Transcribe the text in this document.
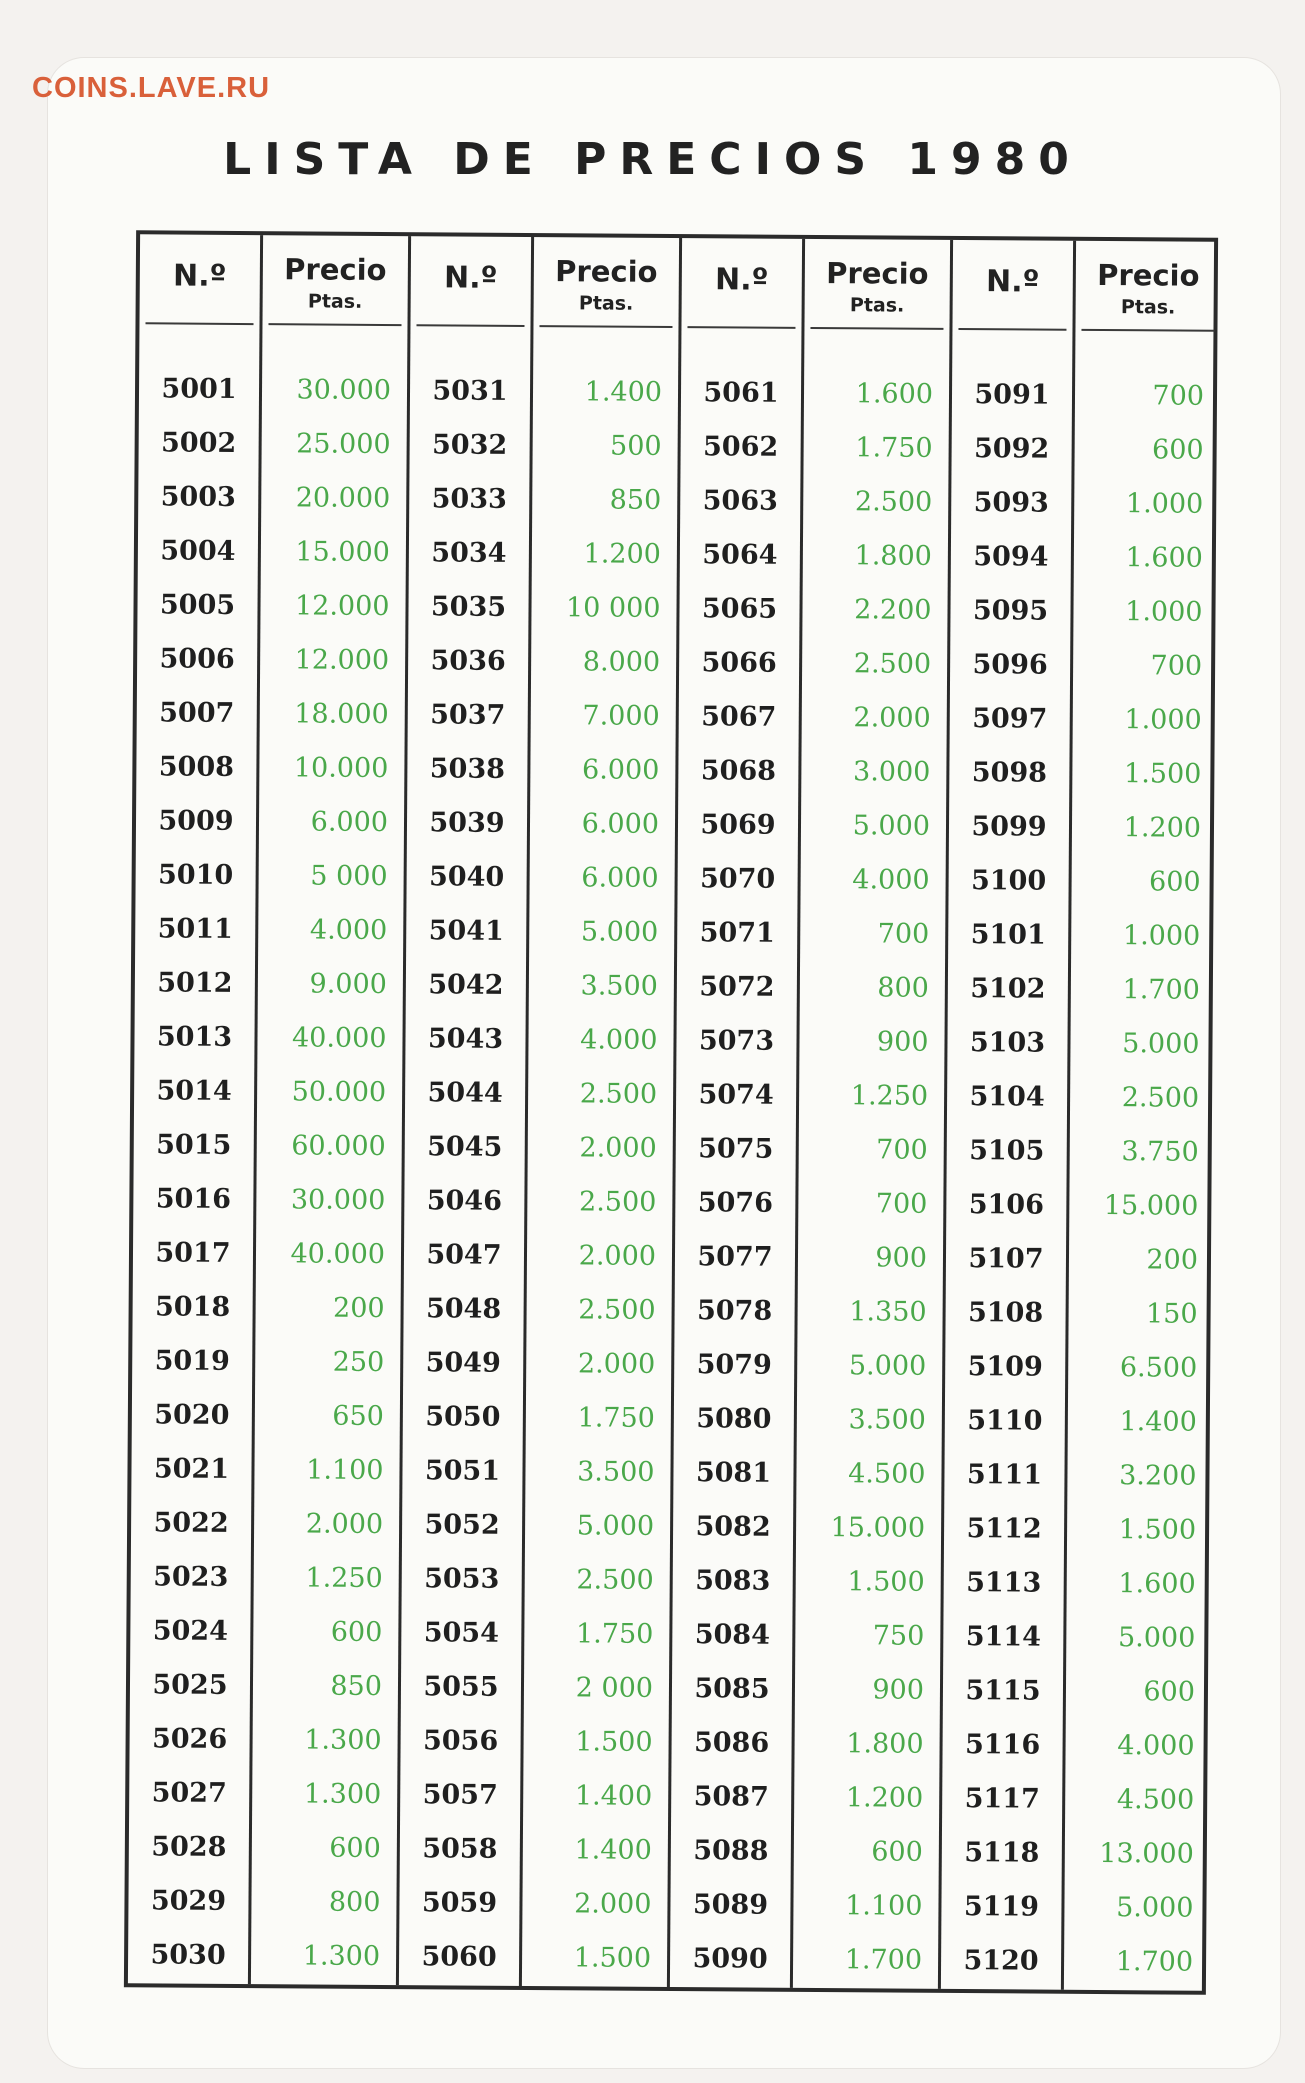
COINS.LAVE.RU
LISTA DE PRECIOS 1980
N.º
5001
5002
5003
5004
5005
5006
5007
5008
5009
5010
5011
5012
5013
5014
5015
5016
5017
5018
5019
5020
5021
5022
5023
5024
5025
5026
5027
5028
5029
5030
Precio
Ptas.
30.000
25.000
20.000
15.000
12.000
12.000
18.000
10.000
6.000
5 000
4.000
9.000
40.000
50.000
60.000
30.000
40.000
200
250
650
1.100
2.000
1.250
600
850
1.300
1.300
600
800
1.300
N.º
5031
5032
5033
5034
5035
5036
5037
5038
5039
5040
5041
5042
5043
5044
5045
5046
5047
5048
5049
5050
5051
5052
5053
5054
5055
5056
5057
5058
5059
5060
Precio
Ptas.
1.400
500
850
1.200
10 000
8.000
7.000
6.000
6.000
6.000
5.000
3.500
4.000
2.500
2.000
2.500
2.000
2.500
2.000
1.750
3.500
5.000
2.500
1.750
2 000
1.500
1.400
1.400
2.000
1.500
N.º
5061
5062
5063
5064
5065
5066
5067
5068
5069
5070
5071
5072
5073
5074
5075
5076
5077
5078
5079
5080
5081
5082
5083
5084
5085
5086
5087
5088
5089
5090
Precio
Ptas.
1.600
1.750
2.500
1.800
2.200
2.500
2.000
3.000
5.000
4.000
700
800
900
1.250
700
700
900
1.350
5.000
3.500
4.500
15.000
1.500
750
900
1.800
1.200
600
1.100
1.700
N.º
5091
5092
5093
5094
5095
5096
5097
5098
5099
5100
5101
5102
5103
5104
5105
5106
5107
5108
5109
5110
5111
5112
5113
5114
5115
5116
5117
5118
5119
5120
Precio
Ptas.
700
600
1.000
1.600
1.000
700
1.000
1.500
1.200
600
1.000
1.700
5.000
2.500
3.750
15.000
200
150
6.500
1.400
3.200
1.500
1.600
5.000
600
4.000
4.500
13.000
5.000
1.700
